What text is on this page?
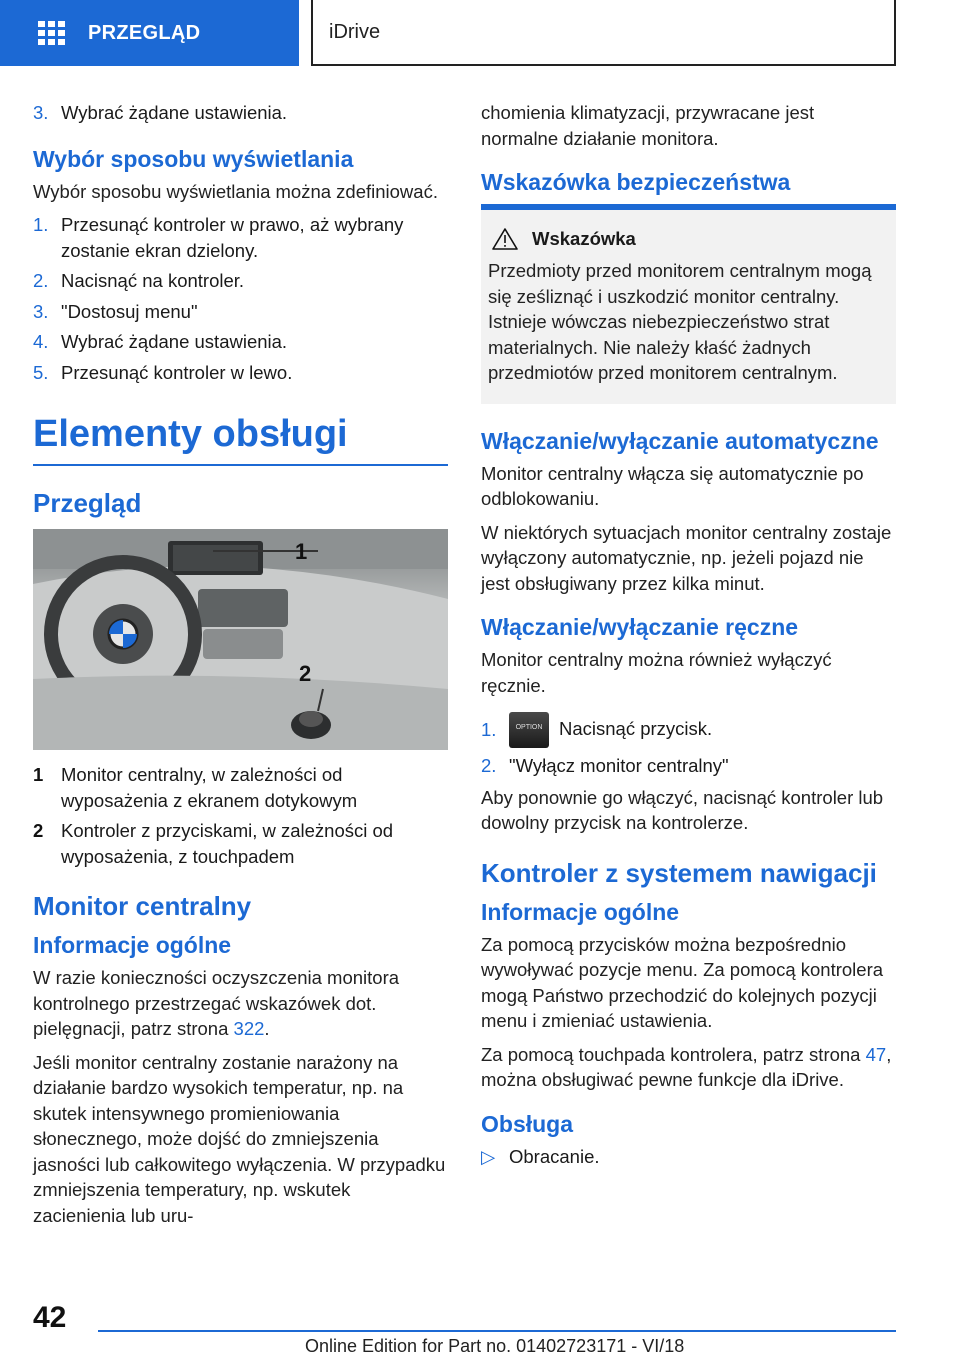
PRZEGLĄD	iDrive
3. Wybrać żądane ustawienia.
Wybór sposobu wyświetlania

Wybór sposobu wyświetlania można zdefiniować.

1. Przesunąć kontroler w prawo, aż wybrany zostanie ekran dzielony.
2. Nacisnąć na kontroler.
3. "Dostosuj menu"
4. Wybrać żądane ustawienia.
5. Przesunąć kontroler w lewo.
Elementy obsługi
Przegląd
1
2
1 Monitor centralny, w zależności od wyposażenia z ekranem dotykowym
2 Kontroler z przyciskami, w zależności od wyposażenia, z touchpadem
Monitor centralny
Informacje ogólne

W razie konieczności oczyszczenia monitora kontrolnego przestrzegać wskazówek dot. pielęgnacji, patrz strona 322.

Jeśli monitor centralny zostanie narażony na działanie bardzo wysokich temperatur, np. na skutek intensywnego promieniowania słonecznego, może dojść do zmniejszenia jasności lub całkowitego wyłączenia. W przypadku zmniejszenia temperatury, np. wskutek zacienienia lub uru-

chomienia klimatyzacji, przywracane jest normalne działanie monitora.

Wskazówka bezpieczeństwa
Wskazówka

Przedmioty przed monitorem centralnym mogą się ześliznąć i uszkodzić monitor centralny. Istnieje wówczas niebezpieczeństwo strat materialnych. Nie należy kłaść żadnych przedmiotów przed monitorem centralnym.

Włączanie/wyłączanie automatyczne

Monitor centralny włącza się automatycznie po odblokowaniu.

W niektórych sytuacjach monitor centralny zostaje wyłączony automatycznie, np. jeżeli pojazd nie jest obsługiwany przez kilka minut.

Włączanie/wyłączanie ręczne

Monitor centralny można również wyłączyć ręcznie.

1.	OPTION Nacisnąć przycisk.
2. "Wyłącz monitor centralny"

Aby ponownie go włączyć, nacisnąć kontroler lub dowolny przycisk na kontrolerze.

Kontroler z systemem nawigacji
Informacje ogólne

Za pomocą przycisków można bezpośrednio wywoływać pozycje menu. Za pomocą kontrolera mogą Państwo przechodzić do kolejnych pozycji menu i zmieniać ustawienia.

Za pomocą touchpada kontrolera, patrz strona 47, można obsługiwać pewne funkcje dla iDrive.

Obsługa
▷ Obracanie.
42
Online Edition for Part no. 01402723171 - VI/18
